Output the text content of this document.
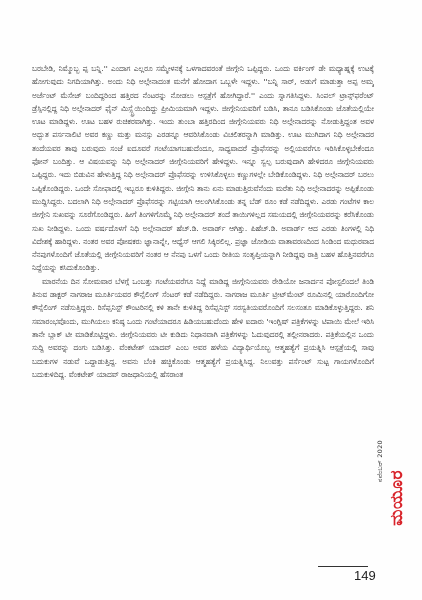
ಬರಬೇಡಿ, ನಿಮ್ಮೊಬ್ಬ ಪ್ಪ ಬನ್ನಿ.'' ಎಂದಾಗ ಎಲ್ಲರೂ ಸಮ್ಮೇಳನಕ್ಕೆ ಒಳಗಾದವರಂತೆ ಜೀಗ್ಗೇನಿ ಒಪ್ಪಿದ್ದರು. ಒಂದು ವರ್ಕಿಂಗ್ ಡೇ ಮಧ್ಯಾಹ್ನಕ್ಕೆ ಉಟಕ್ಕೆ ಹೋಗುವುದು ನಿಗದಿಯಾಗಿತ್ತು. ಅಂದು ನಿಧಿ ಅಲ್ಗೇನಾದಂತ ಮನೆಗೆ ಹೋದಾಗ ಒಬ್ಬಳೇ ಇದ್ದಳು. ''ಬನ್ನಿ ಸಾರ್, ಅಡುಗೆ ಮಾಡುತ್ತಾ ಅಪ್ಪ ಅಮ್ಮ ಅರ್ಜೆಂಟ್ ಮೆಸೇಜ್ ಬಂದಿದ್ದರಿಂದ ಹತ್ತಿರದ ನೆಂಟರನ್ನು ನೋಡಲು ಆಸ್ಪತ್ರೆಗೆ ಹೋಗಿದ್ದಾರೆ.'' ಎಂದು ಸ್ವಾಗತಿಸಿದ್ದಳು. ಸಿಂಪಲ್ ಟ್ರಾನ್ಸ್‌ಫರೆಂಟ್ ಡ್ರೆಸ್ಸಿನಲ್ಲಿದ್ದ ನಿಧಿ ಅಲ್ಗೇನಾದರ್ ಫೈನ್ ಮಿಸ್ಸ್ಟ್ರೆಯಿಂದಿದ್ದು ಪ್ರೀಮಿಯಮಾಗಿ ಇದ್ದಳು. ಜೀಗ್ಗೇನಿಯವರಿಗೆ ಬಡಿಸಿ, ತಾನೂ ಬಡಿಸಿಕೊಂಡು ಜೊತೆಯಲ್ಲಿಯೇ ಊಟ ಮಾಡಿದ್ದಳು. ಊಟ ಬಹಳ ರುಚಿಕರವಾಗಿತ್ತು. ಇಂದು ತುಂಬಾ ಹತ್ತಿರದಿಂದ ಜೀಗ್ಗೇನಿಯವರು ನಿಧಿ ಅಲ್ಗೇನಾದರನ್ನು ನೋಡುತ್ತಿದ್ದಂತ ಅವಳ ಅದ್ಭುತ ಪರ್ಸನಾಲಿಟಿ ಅವರ ಕಣ್ಣು ಮತ್ತು ಮನಸ್ಸು ಎರಡನ್ನೂ ಆವರಿಸಿಕೊಂಡು ವಿಚಲಿತರನ್ನಾಗಿ ಮಾಡಿತ್ತು. ಊಟ ಮುಗಿದಾಗ ನಿಧಿ ಅಲ್ಗೇನಾದರ ತಂದೆಯವರ ತಾವು ಬರುವುದು ಸಂಜೆ ಐದೂವರೆ ಗಂಟೆಯಾಗಬಹುದೆಂದೂ, ಸಾಧ್ಯವಾದರೆ ಪ್ರೊಫೆಸರನ್ನು ಅಲ್ಲಿಯವರೆಗೂ ಇರಿಸಿಕೊಳ್ಳಬೇಕೆಂದೂ ಫೋನ್ ಬಂದಿತ್ತು. ಆ ವಿಷಯವನ್ನು ನಿಧಿ ಅಲ್ಗೇನಾದರ್ ಜೀಗ್ಗೇನಿಯವರಿಗೆ ಹೇಳಿದ್ದಳು. ಇನ್ನೂ ಸ್ವಲ್ಪ ಬರುವುದಾಗಿ ಹೇಳಿದರೂ ಜೀಗ್ಗೇನಿಯವರು ಒಪ್ಪಿದ್ದರು. ಇದು ಬಿಡುವಿನ ಹೇಳುತ್ತಿದ್ದ ನಿಧಿ ಅಲ್ಗೇನಾದರ್ ಪ್ರೊಫೆಸರನ್ನು ಉಳಿಸಿಕೊಳ್ಳಲು ಕಣ್ಣುಗಳಲ್ಲೇ ಬೇಡಿಕೊಂಡಿದ್ದಳು. ನಿಧಿ ಅಲ್ಗೇನಾದರ್ ಬರಲು ಒಪ್ಪಿಕೊಂಡಿದ್ದರು. ಒಂದೇ ಸೋಫಾದಲ್ಲಿ ಇಬ್ಬರೂ ಕುಳಿತಿದ್ದರು. ಜೀಗ್ಗೇನಿ ತಾನು ಏನು ಮಾಡುತ್ತಿರುವೆನೆಂದು ಮರೆತು ನಿಧಿ ಅಲ್ಗೇನಾದರನ್ನು ಅಪ್ಪಿಕೊಂಡು ಮುದ್ದಿಸಿದ್ದರು. ಬದಲಾಗಿ ನಿಧಿ ಅಲ್ಗೇನಾದರ್ ಪ್ರೊಫೆಸರನ್ನು ಗಟ್ಟಿಯಾಗಿ ಆಲಂಗಿಸಿಕೊಂಡು ತನ್ನ ಬೆಡ್ ರೂಂ ಕಡೆ ನಡೆದಿದ್ದಳು. ಎರಡು ಗಂಟೆಗಳ ಕಾಲ ಜೀಗ್ಗೇನಿ ಸುಖವನ್ನು ಸೂರೆಗೊಂಡಿದ್ದರು. ಹೀಗೆ ತಿಂಗಳಿಗೊಮ್ಮೆ ನಿಧಿ ಅಲ್ಗೇನಾದರ್ ತಂದೆ ತಾಯಿಗಳಿಲ್ಲದ ಸಮಯದಲ್ಲಿ ಜೀಗ್ಗೇನಿಯವರನ್ನು ಕರೆಸಿಕೊಂಡು ಸುಖ ನೀಡಿದ್ದಳು. ಒಂದು ವರ್ಷದೊಳಗೆ ನಿಧಿ ಅಲ್ಗೇನಾದರ್ ಹೆಚ್.ಡಿ. ಅವಾರ್ಡ್ ಆಗಿತ್ತು. ಪಿಹೆಚ್.ಡಿ. ಅವಾರ್ಡ್ ಆದ ಎರಡು ತಿಂಗಳಲ್ಲಿ ನಿಧಿ ವಿದೇಶಕ್ಕೆ ಹಾರಿದ್ದಳು. ನಂತರ ಅವರ ಪೋಷಕರು ಜ್ಞಾನಾನ್ನೇ, ಆಧ್ಯೆಸ್ ಆಗಲಿ ಸಿಕ್ಕಿರಲಿಲ್ಲ. ಪ್ರಜ್ಞಾ ಜೋಡಿಯ ವಾತಾವರಣದಿಂದ ಸಿಂಡಿಂದ ಮಧುರವಾದ ನೆನಪುಗಳೊಂದಿಗೆ ಜೊತೆಯಲ್ಲಿ ಜೀಗ್ಗೇನಿಯವರಿಗೆ ನಂತರ ಆ ನೆನಪು ಒಳಗೆ ಒಂದು ರೀತಿಯ ಸಂತೃಪ್ತಿಯನ್ನಾಗಿ ನೀಡಿದ್ದವು ರಾತ್ರಿ ಬಹಳ ಹೊತ್ತಿನವರೆಗೂ ನಿದ್ದೆಯನ್ನು ಕಸಿದುಕೊಂಡಿತ್ತು.

ಮಾರನೆಯ ದಿನ ಸೋಮವಾರ ಬೆಳಗ್ಗೆ ಒಂಬತ್ತು ಗಂಟೆಯವರೆಗೂ ನಿದ್ದೆ ಮಾಡಿದ್ದ ಜೀಗ್ಗೇನಿಯವರು ರೇಡಿಯೋ ಜನಾರ್ದನ ಪೋಸ್ಟಲಿಂದಲೆ ತಿಂಡಿ ತಿನುವ ಡಾಕ್ಟರ್ ನಾಗರಾಜ ಮೂರ್ತಿಯವರ ಕೌನ್ಸೆಲಿಂಗ್ ಸೆಂಟರ್ ಕಡೆ ನಡೆದಿದ್ದರು. ನಾಗರಾಜ ಮೂರ್ತಿ ಟ್ರೀಟ್‌ಮೆಂಟ್ ರೂಮಿನಲ್ಲಿ ಯಾರೊಂದಿಗೋ ಕೌನ್ಸೆಲಿಂಗ್ ನಡೆಸುತ್ತಿದ್ದರು. ರಿಸೆಪ್ಷನಿಸ್ಟ್ ಕೌಂಟರಿನಲ್ಲಿ ಕಳಿ ತಾನೇ ಕುಳಿತಿದ್ದ ರಿಸೆಪ್ಷನಿಸ್ಟ್ ಸರಸ್ವತಿಯವರೊಂದಿಗೆ ಸಲಸಂತೂ ಮಾಡಿಕೊಳ್ಳುತ್ತಿದ್ದರು. ಶನಿ ಸಮಾರಂಭವೊಂದು, ಮುಗಿಯಲು ಕನಿಷ್ಠ ಒಂದು ಗಂಟೆಯಾದರೂ ಹಿಡಿಯಬಹುದೆಂದು ಹೇಳಿ ಐದಾರು 'ಇಂಗ್ಲಿಷ್ ಪತ್ರಿಕೆಗಳನ್ನು ಟಿಪಾಯಿ ಮೇಲೆ ಇರಿಸಿ ತಾನೇ ಬ್ಲಾಕ್ ಟೀ ಮಾಡಿಕೊಟ್ಟಿದ್ದಳು. ಜೀಗ್ಗೇನಿಯವರು ಟೀ ಕುಡಿದು ನಿಧಾನವಾಗಿ ಪತ್ರಿಕೆಗಳನ್ನು ಓದುವುದರಲ್ಲಿ ತಲ್ಲೀನರಾದರು. ಪತ್ರಿಕೆಯಲ್ಲಿನ ಒಂದು ಸುದ್ದಿ ಅವರನ್ನು ದಂಗು ಬಡಿಸಿತ್ತು. ವೆಂಕಟೇಶ್ ಯಾದವ್ ಎಂಬ ಅವರ ಹಳೆಯ ವಿದ್ಯಾರ್ಥಿಯೊಬ್ಬ ಆತ್ಮಹತ್ಯೆಗೆ ಪ್ರಯತ್ನಿಸಿ ಆಸ್ಪತ್ರೆಯಲ್ಲಿ ಸಾವು ಬದುಕುಗಳ ನಡುವೆ ಒದ್ದಾಡುತ್ತಿದ್ದ. ಅವನು ಬೆಂಕಿ ಹಚ್ಚಿಕೊಂಡು ಆತ್ಮಹತ್ಯೆಗೆ ಪ್ರಯತ್ನಿಸಿದ್ದ. ನಿಲುವತ್ತು ಪರ್ಸೆಂಟ್ ಸುಟ್ಟ ಗಾಯಗಳೊಂದಿಗೆ ಬದುಕುಳಿದಿದ್ದ. ವೆಂಕಟೇಶ್ ಯಾದವ್ ರಾಜಧಾನಿಯಲ್ಲಿ ಹೆಸರಾಂತ

ನವೆಂಬರ್ 2020
ಮಯೂರ
149
